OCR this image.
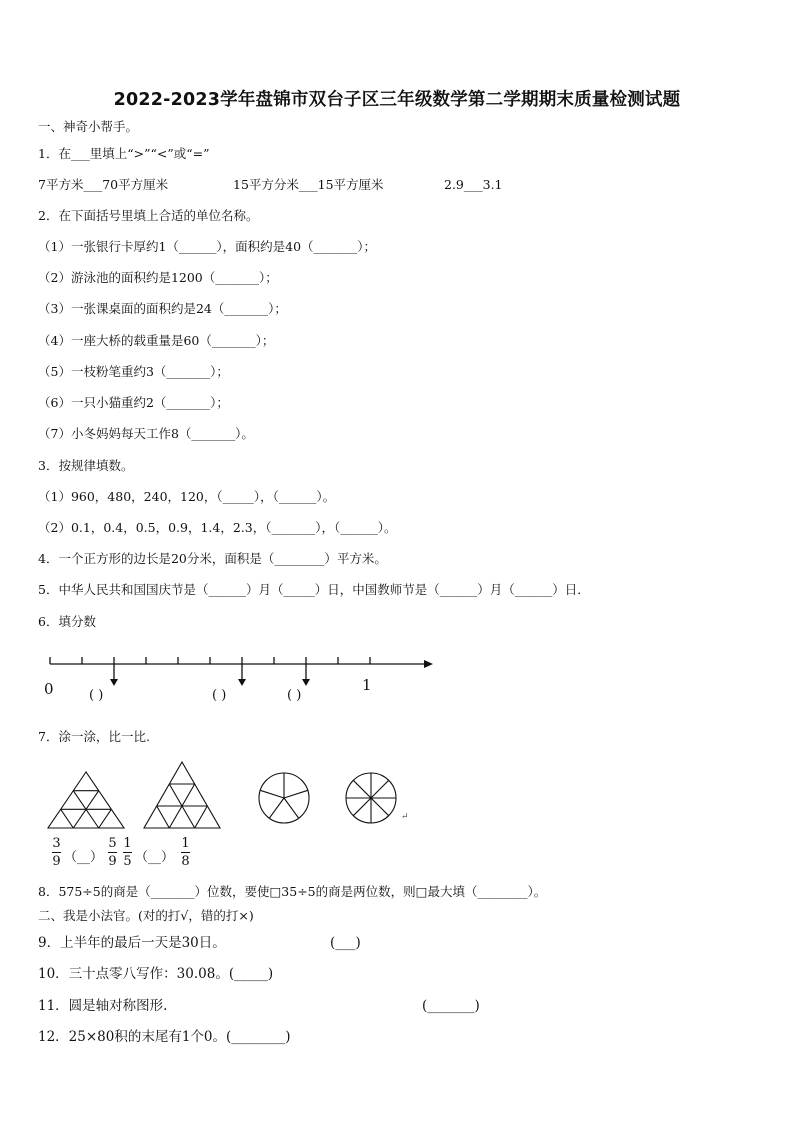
2022-2023学年盘锦市双台子区三年级数学第二学期期末质量检测试题
一、神奇小帮手。
1．在___里填上“>”“<”或“=”
7平方米___70平方厘米	15平方分米___15平方厘米	2.9___3.1
2．在下面括号里填上合适的单位名称。
（1）一张银行卡厚约1（______），面积约是40（_______）；
（2）游泳池的面积约是1200（_______）；
（3）一张课桌面的面积约是24（_______）；
（4）一座大桥的载重量是60（_______）；
（5）一枝粉笔重约3（_______）；
（6）一只小猫重约2（_______）；
（7）小冬妈妈每天工作8（_______）。
3．按规律填数。
（1）960，480，240，120，（_____），（______）。
（2）0.1，0.4，0.5，0.9，1.4，2.3，（_______），（______）。
4．一个正方形的边长是20分米，面积是（________）平方米。
5．中华人民共和国国庆节是（______）月（_____）日，中国教师节是（______）月（______）日．
6．填分数
0	1
( )	( )	( )
7．涂一涂，比一比.
↵
3
9 （__）
5
9
1
5 （__）
1
8
8．575÷5的商是（_______）位数，要使□35÷5的商是两位数，则□最大填（________）。
二、我是小法官。(对的打√，错的打×)
9．上半年的最后一天是30日。	(___)
10．三十点零八写作：30.08。(_____)
11．圆是轴对称图形.	(_______)
12．25×80积的末尾有1个0。(________)
